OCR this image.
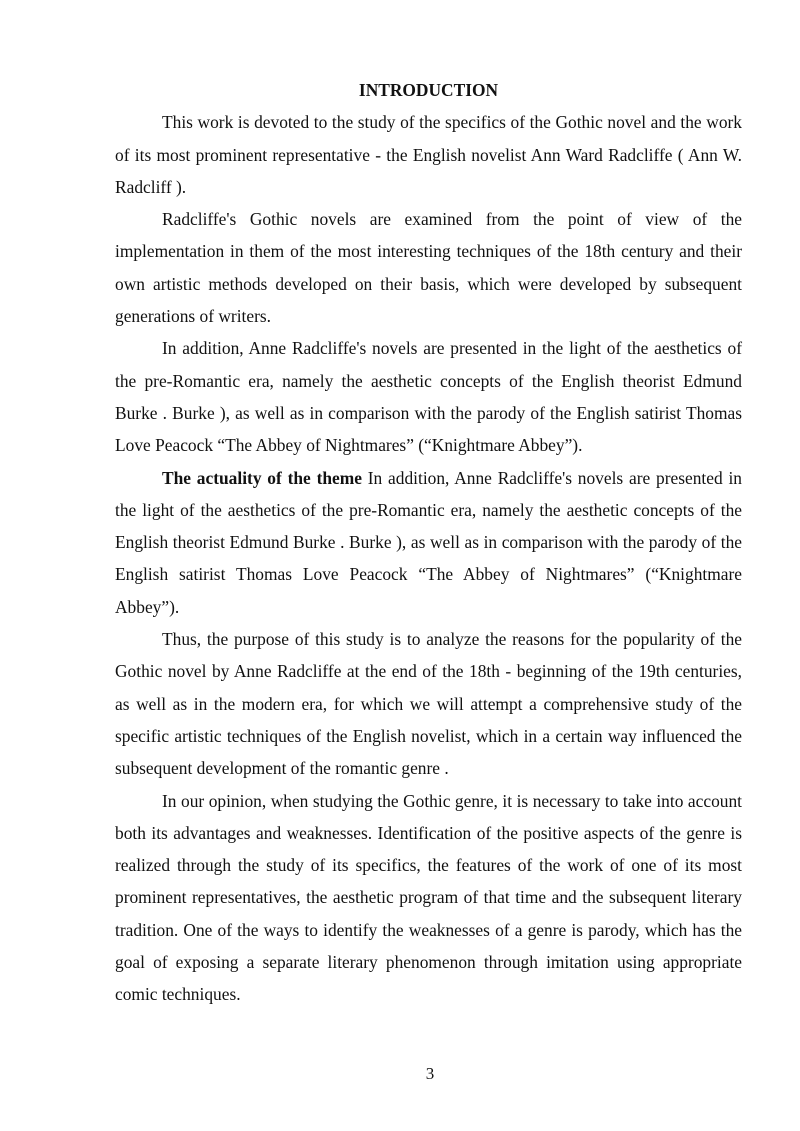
INTRODUCTION

This work is devoted to the study of the specifics of the Gothic novel and the work of its most prominent representative - the English novelist Ann Ward Radcliffe ( Ann W. Radcliff ).

Radcliffe's Gothic novels are examined from the point of view of the implementation in them of the most interesting techniques of the 18th century and their own artistic methods developed on their basis, which were developed by subsequent generations of writers.

In addition, Anne Radcliffe's novels are presented in the light of the aesthetics of the pre-Romantic era, namely the aesthetic concepts of the English theorist Edmund Burke . Burke ), as well as in comparison with the parody of the English satirist Thomas Love Peacock “The Abbey of Nightmares” (“Knightmare Abbey”).

The actuality of the theme In addition, Anne Radcliffe's novels are presented in the light of the aesthetics of the pre-Romantic era, namely the aesthetic concepts of the English theorist Edmund Burke . Burke ), as well as in comparison with the parody of the English satirist Thomas Love Peacock “The Abbey of Nightmares” (“Knightmare Abbey”).

Thus, the purpose of this study is to analyze the reasons for the popularity of the Gothic novel by Anne Radcliffe at the end of the 18th - beginning of the 19th centuries, as well as in the modern era, for which we will attempt a comprehensive study of the specific artistic techniques of the English novelist, which in a certain way influenced the subsequent development of the romantic genre .

In our opinion, when studying the Gothic genre, it is necessary to take into account both its advantages and weaknesses. Identification of the positive aspects of the genre is realized through the study of its specifics, the features of the work of one of its most prominent representatives, the aesthetic program of that time and the subsequent literary tradition. One of the ways to identify the weaknesses of a genre is parody, which has the goal of exposing a separate literary phenomenon through imitation using appropriate comic techniques.

3
